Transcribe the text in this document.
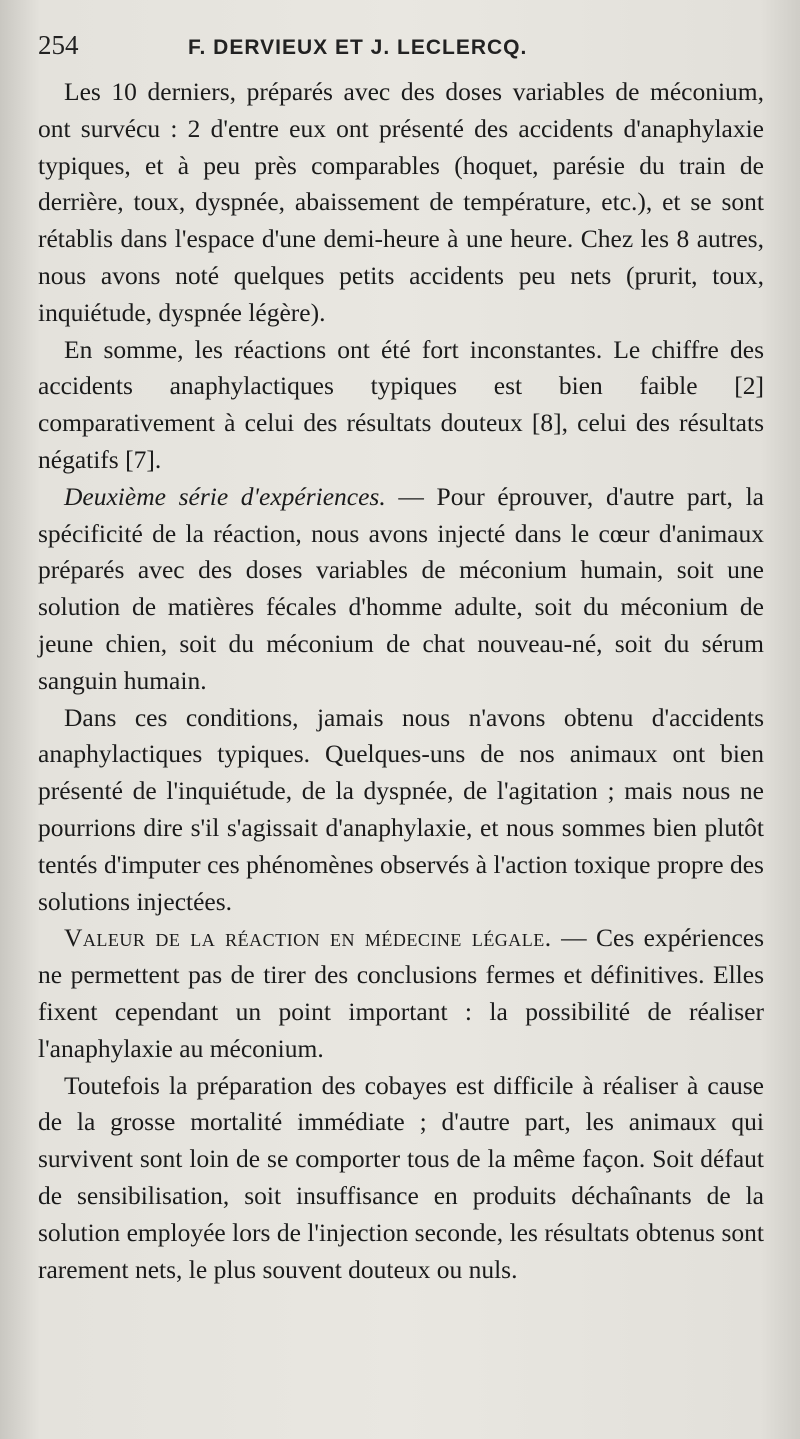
254	F. DERVIEUX ET J. LECLERCQ.

Les 10 derniers, préparés avec des doses variables de méconium, ont survécu : 2 d'entre eux ont présenté des accidents d'anaphylaxie typiques, et à peu près comparables (hoquet, parésie du train de derrière, toux, dyspnée, abaissement de température, etc.), et se sont rétablis dans l'espace d'une demi-heure à une heure. Chez les 8 autres, nous avons noté quelques petits accidents peu nets (prurit, toux, inquiétude, dyspnée légère).

En somme, les réactions ont été fort inconstantes. Le chiffre des accidents anaphylactiques typiques est bien faible [2] comparativement à celui des résultats douteux [8], celui des résultats négatifs [7].

Deuxième série d'expériences. — Pour éprouver, d'autre part, la spécificité de la réaction, nous avons injecté dans le cœur d'animaux préparés avec des doses variables de méconium humain, soit une solution de matières fécales d'homme adulte, soit du méconium de jeune chien, soit du méconium de chat nouveau-né, soit du sérum sanguin humain.

Dans ces conditions, jamais nous n'avons obtenu d'accidents anaphylactiques typiques. Quelques-uns de nos animaux ont bien présenté de l'inquiétude, de la dyspnée, de l'agitation ; mais nous ne pourrions dire s'il s'agissait d'anaphylaxie, et nous sommes bien plutôt tentés d'imputer ces phénomènes observés à l'action toxique propre des solutions injectées.

Valeur de la réaction en médecine légale. — Ces expériences ne permettent pas de tirer des conclusions fermes et définitives. Elles fixent cependant un point important : la possibilité de réaliser l'anaphylaxie au méconium.

Toutefois la préparation des cobayes est difficile à réaliser à cause de la grosse mortalité immédiate ; d'autre part, les animaux qui survivent sont loin de se comporter tous de la même façon. Soit défaut de sensibilisation, soit insuffisance en produits déchaînants de la solution employée lors de l'injection seconde, les résultats obtenus sont rarement nets, le plus souvent douteux ou nuls.
